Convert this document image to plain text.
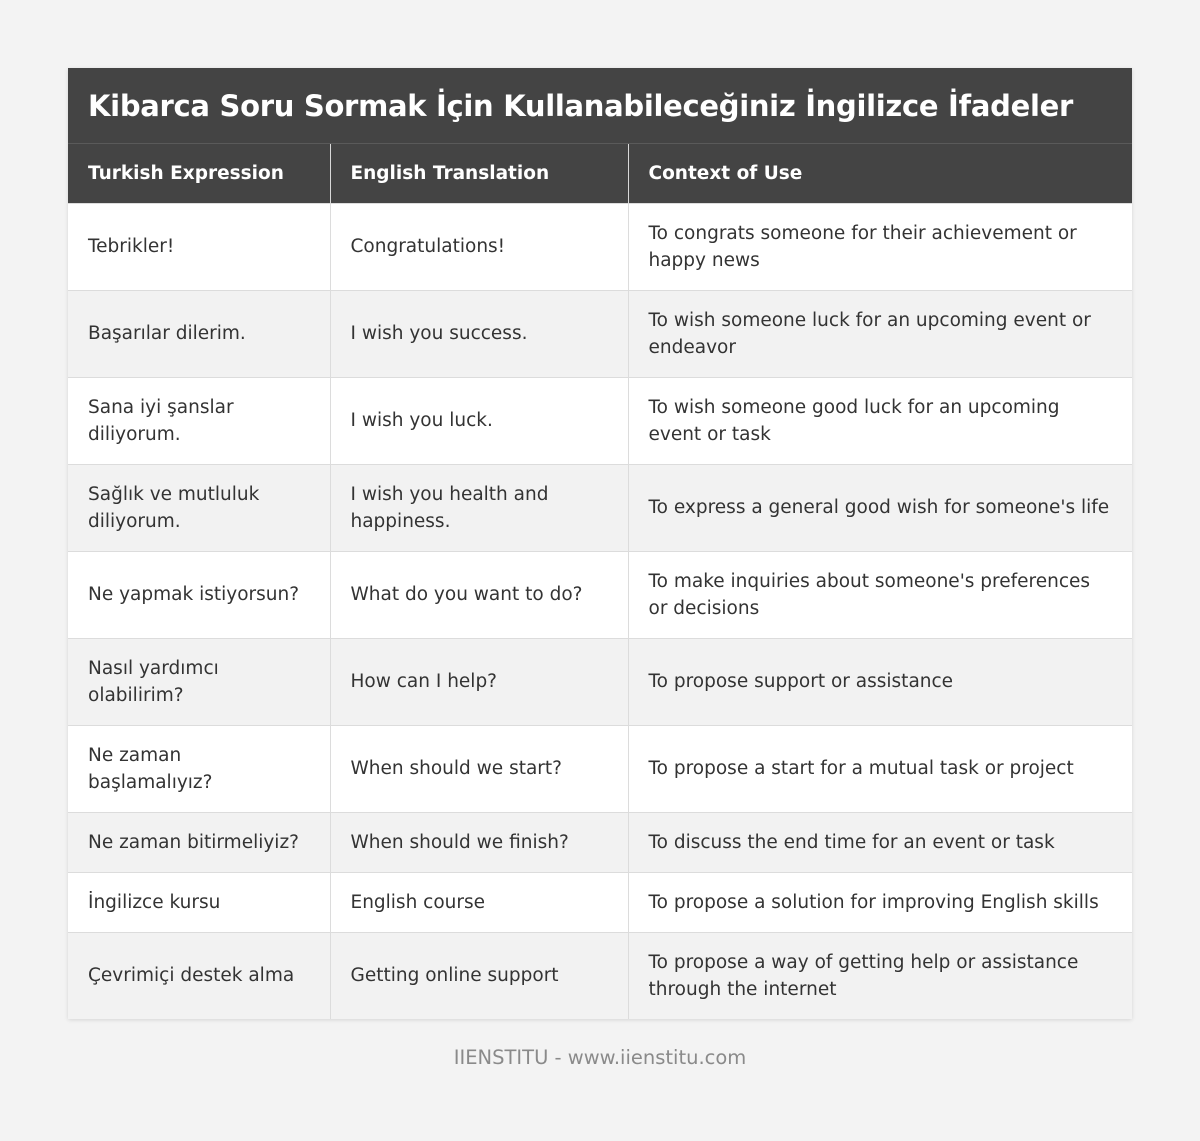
Kibarca Soru Sormak İçin Kullanabileceğiniz İngilizce İfadeler
Turkish Expression	English Translation	Context of Use
Tebrikler!	Congratulations!	To congrats someone for their achievement or happy news
Başarılar dilerim.	I wish you success.	To wish someone luck for an upcoming event or endeavor
Sana iyi şanslar diliyorum.	I wish you luck.	To wish someone good luck for an upcoming event or task
Sağlık ve mutluluk diliyorum.	I wish you health and happiness.	To express a general good wish for someone's life
Ne yapmak istiyorsun?	What do you want to do?	To make inquiries about someone's preferences or decisions
Nasıl yardımcı olabilirim?	How can I help?	To propose support or assistance
Ne zaman başlamalıyız?	When should we start?	To propose a start for a mutual task or project
Ne zaman bitirmeliyiz?	When should we finish?	To discuss the end time for an event or task
İngilizce kursu	English course	To propose a solution for improving English skills
Çevrimiçi destek alma	Getting online support	To propose a way of getting help or assistance through the internet
IIENSTITU - www.iienstitu.com
